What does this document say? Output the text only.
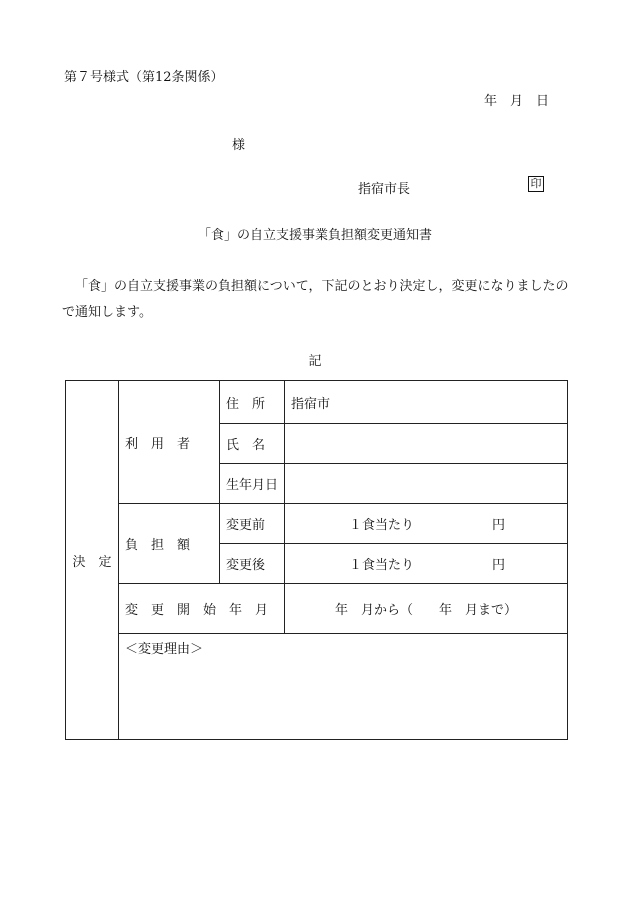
第７号様式（第12条関係）
年　月　日
様
指宿市長	印
「食」の自立支援事業負担額変更通知書
「食」の自立支援事業の負担額について，下記のとおり決定し，変更になりましたので通知します。
記
決　定	利　用　者	住　所	指宿市
		氏　名	
		生年月日	
	負　担　額	変更前	１食当たり 円
		変更後	１食当たり 円
	変　更　開　始　年　月		年　月から（　　年　月まで）
	＜変更理由＞		
